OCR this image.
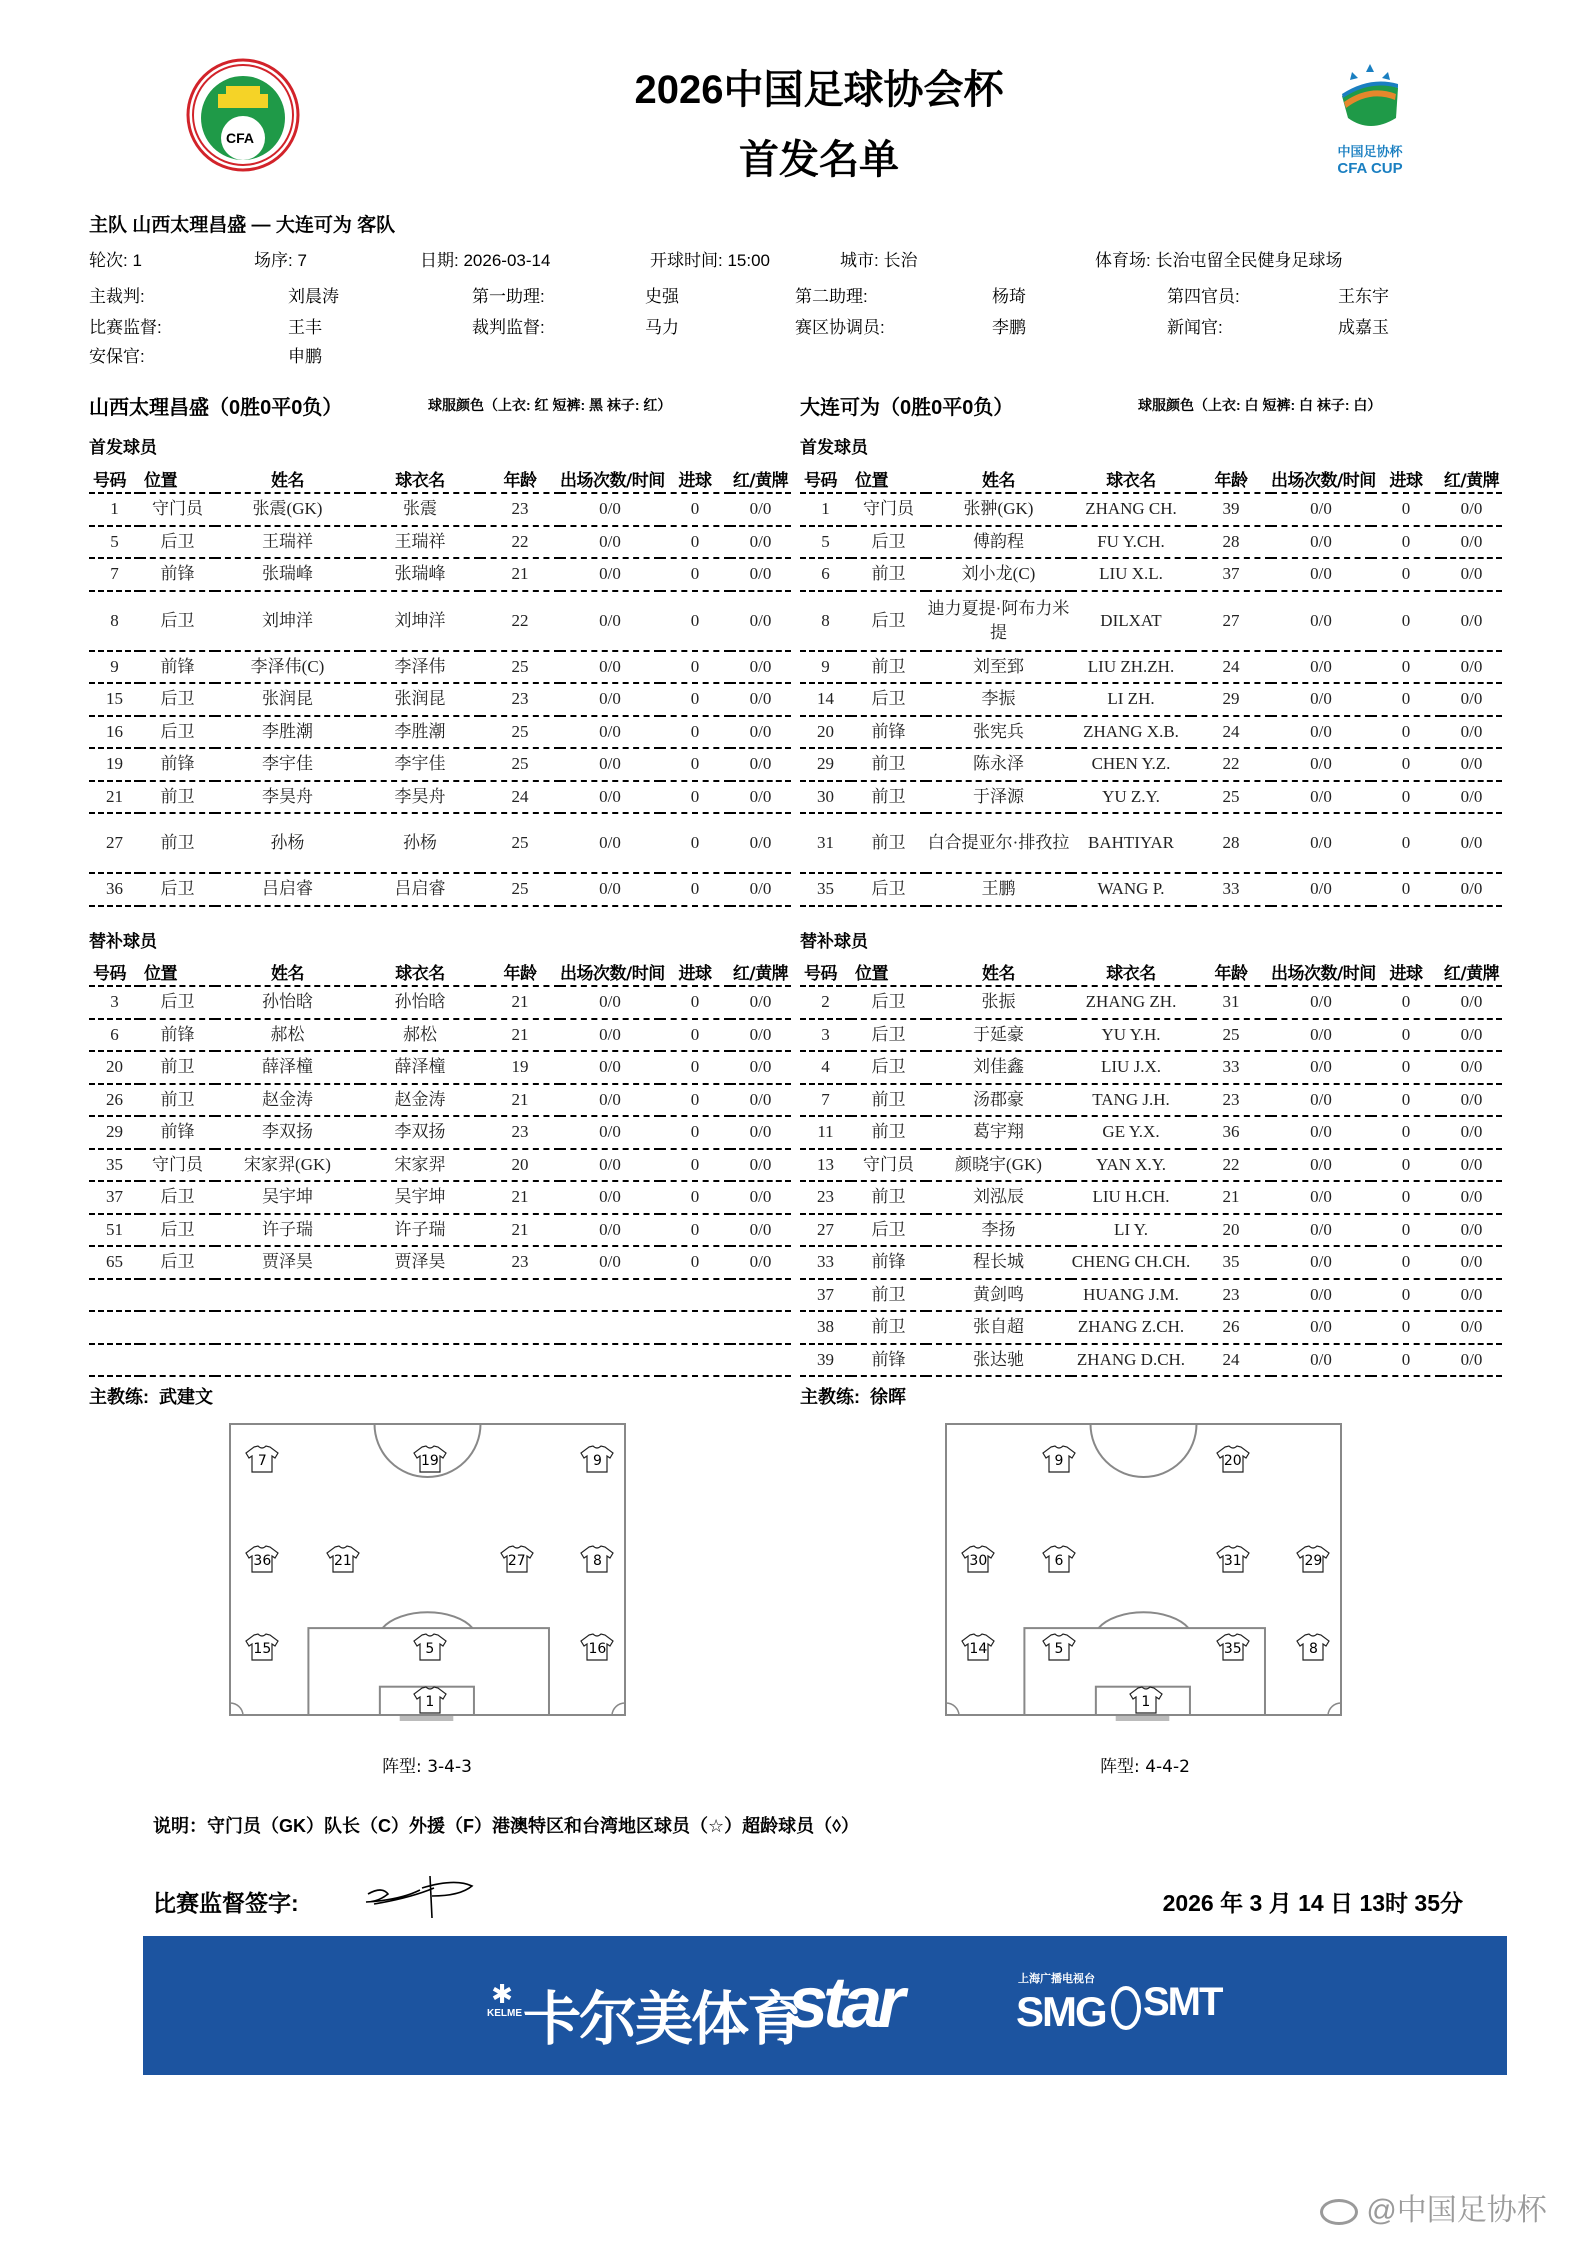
CFA
2026中国足球协会杯
首发名单	中国足协杯
CFA CUP
主队 山西太理昌盛 — 大连可为 客队
轮次: 1	场序: 7	日期: 2026-03-14	开球时间: 15:00	城市: 长治	体育场: 长治屯留全民健身足球场
主裁判:	刘晨涛	第一助理:	史强	第二助理:	杨琦	第四官员:	王东宇
比赛监督:	王丰	裁判监督:	马力	赛区协调员:	李鹏	新闻官:	成嘉玉
安保官:	申鹏
山西太理昌盛（0胜0平0负）	球服颜色（上衣: 红 短裤: 黑 袜子: 红）	大连可为（0胜0平0负）	球服颜色（上衣: 白 短裤: 白 袜子: 白）
首发球员	首发球员
号码	位置	姓名	球衣名	年龄	出场次数/时间	进球	红/黄牌
1	守门员	张震(GK)	张震	23	0/0	0	0/0
5	后卫	王瑞祥	王瑞祥	22	0/0	0	0/0
7	前锋	张瑞峰	张瑞峰	21	0/0	0	0/0
8	后卫	刘坤洋	刘坤洋	22	0/0	0	0/0
9	前锋	李泽伟(C)	李泽伟	25	0/0	0	0/0
15	后卫	张润昆	张润昆	23	0/0	0	0/0
16	后卫	李胜潮	李胜潮	25	0/0	0	0/0
19	前锋	李宇佳	李宇佳	25	0/0	0	0/0
21	前卫	李昊舟	李昊舟	24	0/0	0	0/0
27	前卫	孙杨	孙杨	25	0/0	0	0/0
36	后卫	吕启睿	吕启睿	25	0/0	0	0/0
号码	位置	姓名	球衣名	年龄	出场次数/时间	进球	红/黄牌
1	守门员	张翀(GK)	ZHANG CH.	39	0/0	0	0/0
5	后卫	傅韵程	FU Y.CH.	28	0/0	0	0/0
6	前卫	刘小龙(C)	LIU X.L.	37	0/0	0	0/0
8	后卫	迪力夏提·阿布力米提	DILXAT	27	0/0	0	0/0
9	前卫	刘至郅	LIU ZH.ZH.	24	0/0	0	0/0
14	后卫	李振	LI ZH.	29	0/0	0	0/0
20	前锋	张宪兵	ZHANG X.B.	24	0/0	0	0/0
29	前卫	陈永泽	CHEN Y.Z.	22	0/0	0	0/0
30	前卫	于泽源	YU Z.Y.	25	0/0	0	0/0
31	前卫	白合提亚尔·排孜拉	BAHTIYAR	28	0/0	0	0/0
35	后卫	王鹏	WANG P.	33	0/0	0	0/0
替补球员	替补球员
号码	位置	姓名	球衣名	年龄	出场次数/时间	进球	红/黄牌
3	后卫	孙怡晗	孙怡晗	21	0/0	0	0/0
6	前锋	郝松	郝松	21	0/0	0	0/0
20	前卫	薛泽橦	薛泽橦	19	0/0	0	0/0
26	前卫	赵金涛	赵金涛	21	0/0	0	0/0
29	前锋	李双扬	李双扬	23	0/0	0	0/0
35	守门员	宋家羿(GK)	宋家羿	20	0/0	0	0/0
37	后卫	吴宇坤	吴宇坤	21	0/0	0	0/0
51	后卫	许子瑞	许子瑞	21	0/0	0	0/0
65	后卫	贾泽昊	贾泽昊	23	0/0	0	0/0

号码	位置	姓名	球衣名	年龄	出场次数/时间	进球	红/黄牌
2	后卫	张振	ZHANG ZH.	31	0/0	0	0/0
3	后卫	于延豪	YU Y.H.	25	0/0	0	0/0
4	后卫	刘佳鑫	LIU J.X.	33	0/0	0	0/0
7	前卫	汤郡豪	TANG J.H.	23	0/0	0	0/0
11	前卫	葛宇翔	GE Y.X.	36	0/0	0	0/0
13	守门员	颜晓宇(GK)	YAN X.Y.	22	0/0	0	0/0
23	前卫	刘泓辰	LIU H.CH.	21	0/0	0	0/0
27	后卫	李扬	LI Y.	20	0/0	0	0/0
33	前锋	程长城	CHENG CH.CH.	35	0/0	0	0/0
37	前卫	黄剑鸣	HUANG J.M.	23	0/0	0	0/0
38	前卫	张自超	ZHANG Z.CH.	26	0/0	0	0/0
39	前锋	张达驰	ZHANG D.CH.	24	0/0	0	0/0
主教练: 武建文	主教练: 徐晖
7	19	9
36	21	27	8
15	5	16
1
9	20
30	6	31	29
14	5	35	8
1
阵型: 3-4-3	阵型: 4-4-2
说明：守门员（GK）队长（C）外援（F）港澳特区和台湾地区球员（☆）超龄球员（◊）
比赛监督签字:	2026 年 3 月 14 日 13时 35分
✱
KELME 卡尔美体育
star	上海广播电视台
SMG SMT
@中国足协杯
